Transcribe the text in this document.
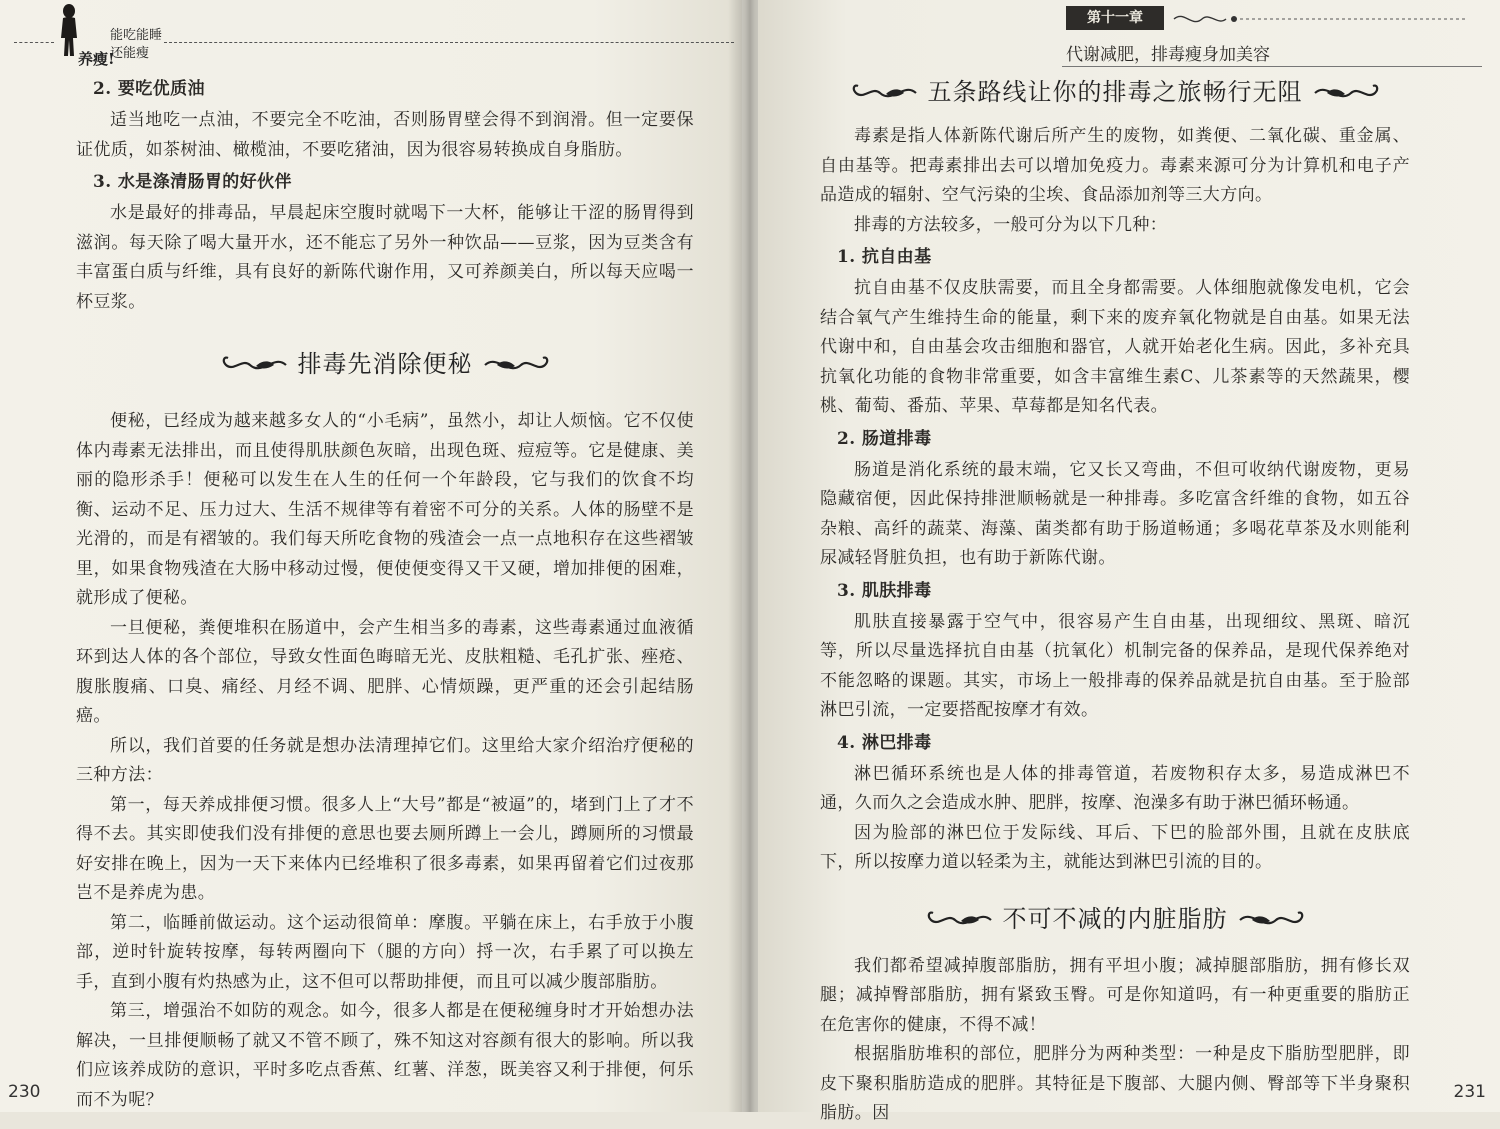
养瘦!
能吃能睡
还能瘦
2. 要吃优质油

适当地吃一点油，不要完全不吃油，否则肠胃壁会得不到润滑。但一定要保证优质，如茶树油、橄榄油，不要吃猪油，因为很容易转换成自身脂肪。

3. 水是涤清肠胃的好伙伴

水是最好的排毒品，早晨起床空腹时就喝下一大杯，能够让干涩的肠胃得到滋润。每天除了喝大量开水，还不能忘了另外一种饮品——豆浆，因为豆类含有丰富蛋白质与纤维，具有良好的新陈代谢作用，又可养颜美白，所以每天应喝一杯豆浆。

排毒先消除便秘

便秘，已经成为越来越多女人的“小毛病”，虽然小，却让人烦恼。它不仅使体内毒素无法排出，而且使得肌肤颜色灰暗，出现色斑、痘痘等。它是健康、美丽的隐形杀手！便秘可以发生在人生的任何一个年龄段，它与我们的饮食不均衡、运动不足、压力过大、生活不规律等有着密不可分的关系。人体的肠壁不是光滑的，而是有褶皱的。我们每天所吃食物的残渣会一点一点地积存在这些褶皱里，如果食物残渣在大肠中移动过慢，便使便变得又干又硬，增加排便的困难，就形成了便秘。

一旦便秘，粪便堆积在肠道中，会产生相当多的毒素，这些毒素通过血液循环到达人体的各个部位，导致女性面色晦暗无光、皮肤粗糙、毛孔扩张、痤疮、腹胀腹痛、口臭、痛经、月经不调、肥胖、心情烦躁，更严重的还会引起结肠癌。

所以，我们首要的任务就是想办法清理掉它们。这里给大家介绍治疗便秘的三种方法：

第一，每天养成排便习惯。很多人上“大号”都是“被逼”的，堵到门上了才不得不去。其实即使我们没有排便的意思也要去厕所蹲上一会儿，蹲厕所的习惯最好安排在晚上，因为一天下来体内已经堆积了很多毒素，如果再留着它们过夜那岂不是养虎为患。

第二，临睡前做运动。这个运动很简单：摩腹。平躺在床上，右手放于小腹部，逆时针旋转按摩，每转两圈向下（腿的方向）捋一次，右手累了可以换左手，直到小腹有灼热感为止，这不但可以帮助排便，而且可以减少腹部脂肪。

第三，增强治不如防的观念。如今，很多人都是在便秘缠身时才开始想办法解决，一旦排便顺畅了就又不管不顾了，殊不知这对容颜有很大的影响。所以我们应该养成防的意识，平时多吃点香蕉、红薯、洋葱，既美容又利于排便，何乐而不为呢？

230
第十一章
代谢减肥，排毒瘦身加美容
五条路线让你的排毒之旅畅行无阻

毒素是指人体新陈代谢后所产生的废物，如粪便、二氧化碳、重金属、自由基等。把毒素排出去可以增加免疫力。毒素来源可分为计算机和电子产品造成的辐射、空气污染的尘埃、食品添加剂等三大方向。

排毒的方法较多，一般可分为以下几种：

1. 抗自由基

抗自由基不仅皮肤需要，而且全身都需要。人体细胞就像发电机，它会结合氧气产生维持生命的能量，剩下来的废弃氧化物就是自由基。如果无法代谢中和，自由基会攻击细胞和器官，人就开始老化生病。因此，多补充具抗氧化功能的食物非常重要，如含丰富维生素C、儿茶素等的天然蔬果，樱桃、葡萄、番茄、苹果、草莓都是知名代表。

2. 肠道排毒

肠道是消化系统的最末端，它又长又弯曲，不但可收纳代谢废物，更易隐藏宿便，因此保持排泄顺畅就是一种排毒。多吃富含纤维的食物，如五谷杂粮、高纤的蔬菜、海藻、菌类都有助于肠道畅通；多喝花草茶及水则能利尿减轻肾脏负担，也有助于新陈代谢。

3. 肌肤排毒

肌肤直接暴露于空气中，很容易产生自由基，出现细纹、黑斑、暗沉等，所以尽量选择抗自由基（抗氧化）机制完备的保养品，是现代保养绝对不能忽略的课题。其实，市场上一般排毒的保养品就是抗自由基。至于脸部淋巴引流，一定要搭配按摩才有效。

4. 淋巴排毒

淋巴循环系统也是人体的排毒管道，若废物积存太多，易造成淋巴不通，久而久之会造成水肿、肥胖，按摩、泡澡多有助于淋巴循环畅通。

因为脸部的淋巴位于发际线、耳后、下巴的脸部外围，且就在皮肤底下，所以按摩力道以轻柔为主，就能达到淋巴引流的目的。

不可不减的内脏脂肪

我们都希望减掉腹部脂肪，拥有平坦小腹；减掉腿部脂肪，拥有修长双腿；减掉臀部脂肪，拥有紧致玉臀。可是你知道吗，有一种更重要的脂肪正在危害你的健康，不得不减！

根据脂肪堆积的部位，肥胖分为两种类型：一种是皮下脂肪型肥胖，即皮下聚积脂肪造成的肥胖。其特征是下腹部、大腿内侧、臀部等下半身聚积脂肪。因

231
